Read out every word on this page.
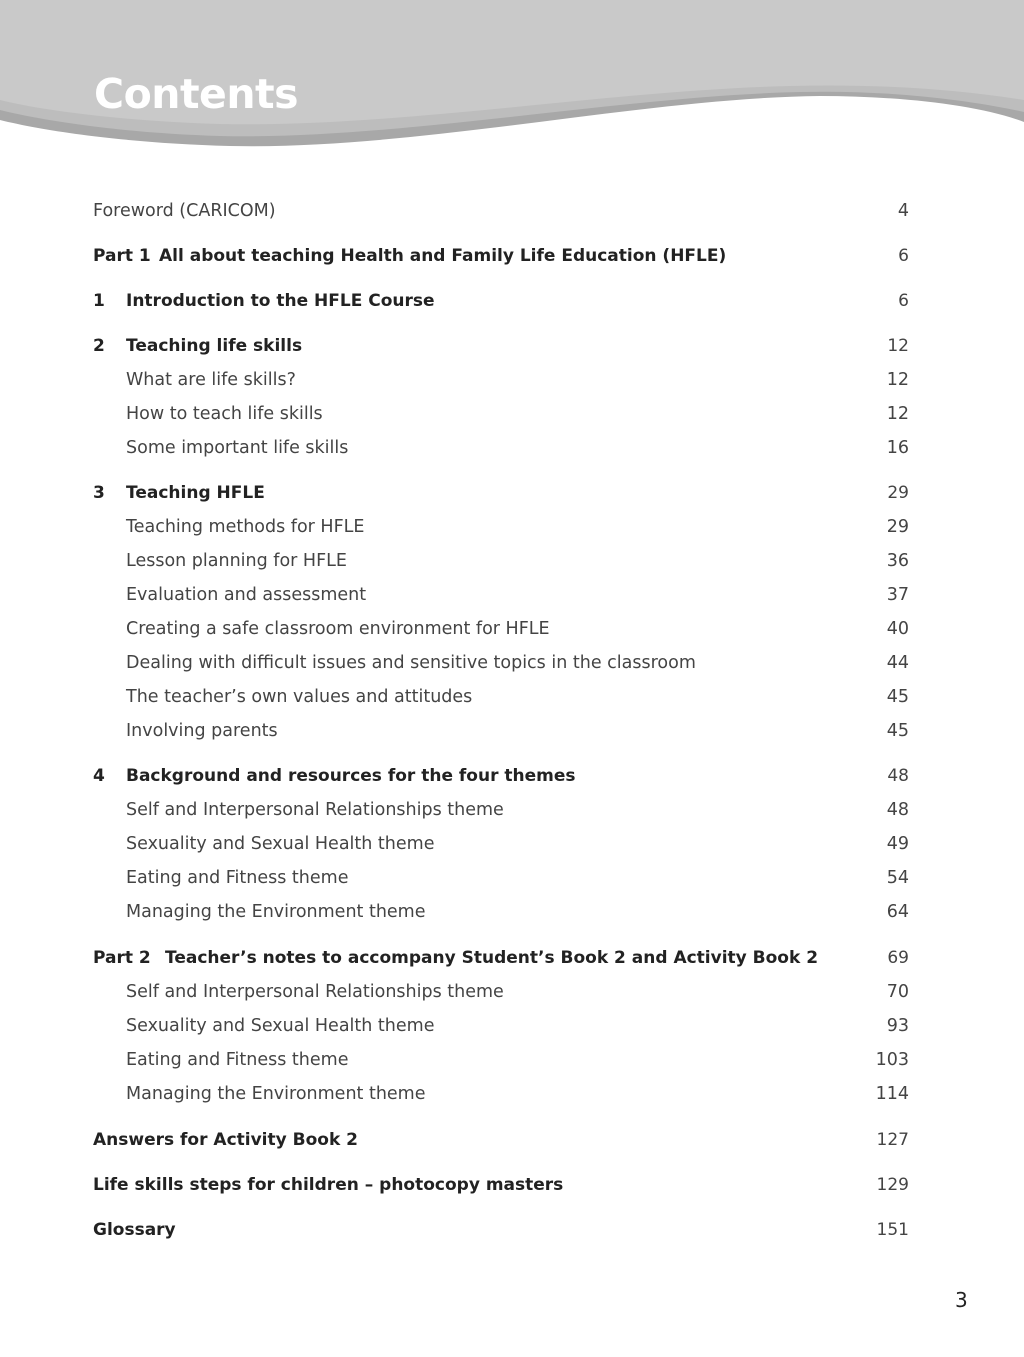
Contents
Foreword (CARICOM)	4
Part 1 All about teaching Health and Family Life Education (HFLE)	6
1 Introduction to the HFLE Course	6
2 Teaching life skills	12
What are life skills?	12
How to teach life skills	12
Some important life skills	16
3 Teaching HFLE	29
Teaching methods for HFLE	29
Lesson planning for HFLE	36
Evaluation and assessment	37
Creating a safe classroom environment for HFLE	40
Dealing with difficult issues and sensitive topics in the classroom	44
The teacher’s own values and attitudes	45
Involving parents	45
4 Background and resources for the four themes	48
Self and Interpersonal Relationships theme	48
Sexuality and Sexual Health theme	49
Eating and Fitness theme	54
Managing the Environment theme	64
Part 2 Teacher’s notes to accompany Student’s Book 2 and Activity Book 2	69
Self and Interpersonal Relationships theme	70
Sexuality and Sexual Health theme	93
Eating and Fitness theme	103
Managing the Environment theme	114
Answers for Activity Book 2	127
Life skills steps for children – photocopy masters	129
Glossary	151
3
